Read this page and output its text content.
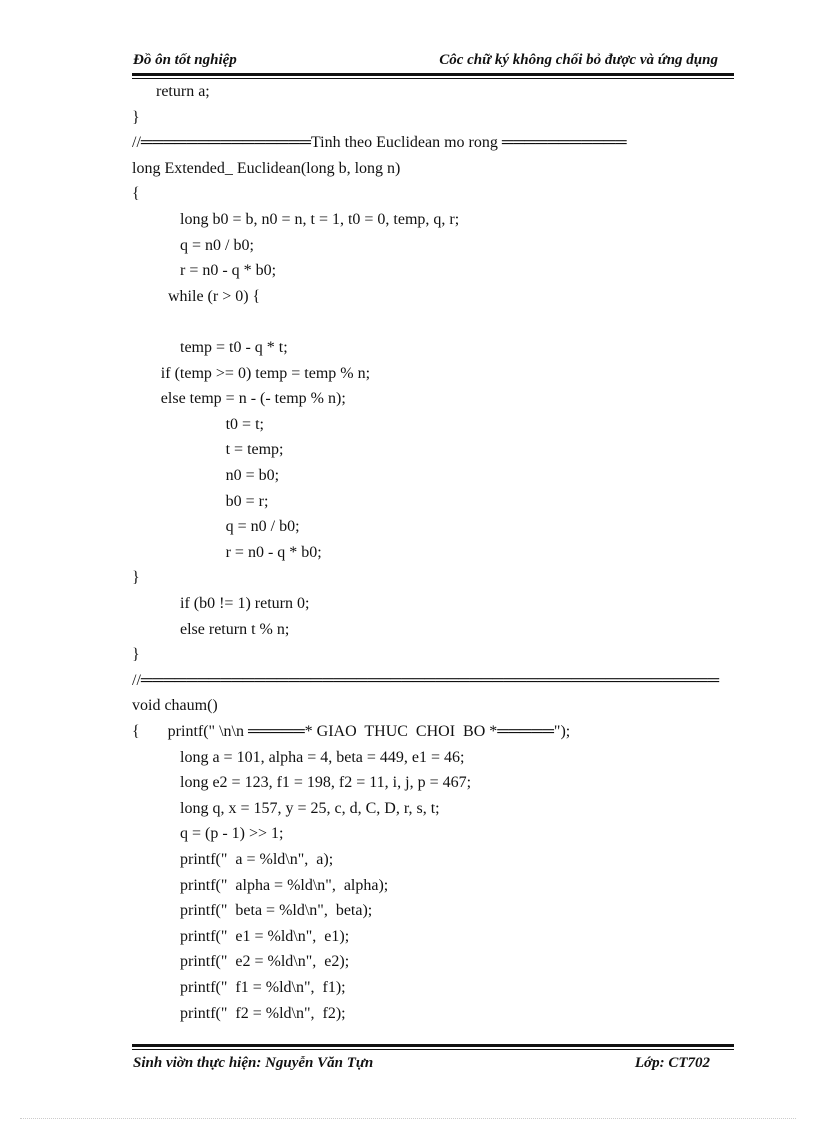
Đồ ôn tốt nghiệp	Côc chữ ký không chối bỏ được và ứng dụng
return a;
}
//═══════════════Tinh theo Euclidean mo rong ═══════════
long Extended_ Euclidean(long b, long n)
{
long b0 = b, n0 = n, t = 1, t0 = 0, temp, q, r;
q = n0 / b0;
r = n0 - q * b0;
while (r > 0) {
temp = t0 - q * t;
if (temp >= 0) temp = temp % n;
else temp = n - (- temp % n);
t0 = t;
t = temp;
n0 = b0;
b0 = r;
q = n0 / b0;
r = n0 - q * b0;
}
if (b0 != 1) return 0;
else return t % n;
}
//═══════════════════════════════════════════════════
void chaum()
{       printf(" \n\n ═════* GIAO  THUC  CHOI  BO *═════");
long a = 101, alpha = 4, beta = 449, e1 = 46;
long e2 = 123, f1 = 198, f2 = 11, i, j, p = 467;
long q, x = 157, y = 25, c, d, C, D, r, s, t;
q = (p - 1) >> 1;
printf("  a = %ld\n",  a);
printf("  alpha = %ld\n",  alpha);
printf("  beta = %ld\n",  beta);
printf("  e1 = %ld\n",  e1);
printf("  e2 = %ld\n",  e2);
printf("  f1 = %ld\n",  f1);
printf("  f2 = %ld\n",  f2);
Sinh viờn thực hiện: Nguyễn Văn Tựn	Lớp: CT702
